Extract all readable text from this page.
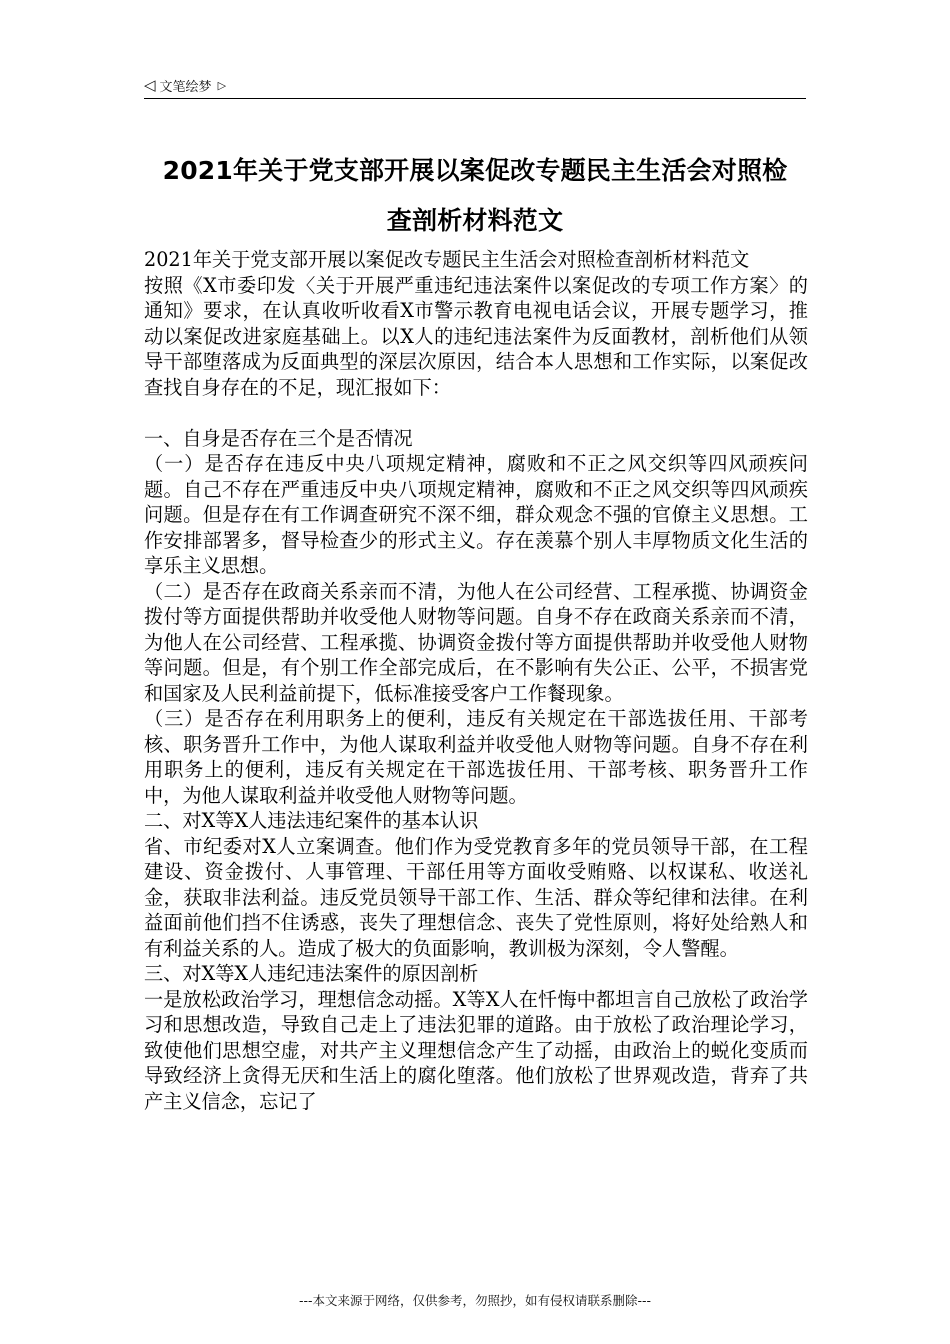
◁ 文笔绘梦 ▷
2021年关于党支部开展以案促改专题民主生活会对照检
查剖析材料范文

2021年关于党支部开展以案促改专题民主生活会对照检查剖析材料范文

按照《X市委印发〈关于开展严重违纪违法案件以案促改的专项工作方案〉的通知》要求，在认真收听收看X市警示教育电视电话会议，开展专题学习，推动以案促改进家庭基础上。以X人的违纪违法案件为反面教材，剖析他们从领导干部堕落成为反面典型的深层次原因，结合本人思想和工作实际，以案促改查找自身存在的不足，现汇报如下：

一、自身是否存在三个是否情况

（一）是否存在违反中央八项规定精神，腐败和不正之风交织等四风顽疾问题。自己不存在严重违反中央八项规定精神，腐败和不正之风交织等四风顽疾问题。但是存在有工作调查研究不深不细，群众观念不强的官僚主义思想。工作安排部署多，督导检查少的形式主义。存在羡慕个别人丰厚物质文化生活的享乐主义思想。

（二）是否存在政商关系亲而不清，为他人在公司经营、工程承揽、协调资金拨付等方面提供帮助并收受他人财物等问题。自身不存在政商关系亲而不清，为他人在公司经营、工程承揽、协调资金拨付等方面提供帮助并收受他人财物等问题。但是，有个别工作全部完成后，在不影响有失公正、公平，不损害党和国家及人民利益前提下，低标准接受客户工作餐现象。

（三）是否存在利用职务上的便利，违反有关规定在干部选拔任用、干部考核、职务晋升工作中，为他人谋取利益并收受他人财物等问题。自身不存在利用职务上的便利，违反有关规定在干部选拔任用、干部考核、职务晋升工作中，为他人谋取利益并收受他人财物等问题。

二、对X等X人违法违纪案件的基本认识

省、市纪委对X人立案调查。他们作为受党教育多年的党员领导干部，在工程建设、资金拨付、人事管理、干部任用等方面收受贿赂、以权谋私、收送礼金，获取非法利益。违反党员领导干部工作、生活、群众等纪律和法律。在利益面前他们挡不住诱惑，丧失了理想信念、丧失了党性原则，将好处给熟人和有利益关系的人。造成了极大的负面影响，教训极为深刻，令人警醒。

三、对X等X人违纪违法案件的原因剖析

一是放松政治学习，理想信念动摇。X等X人在忏悔中都坦言自己放松了政治学习和思想改造，导致自己走上了违法犯罪的道路。由于放松了政治理论学习，致使他们思想空虚，对共产主义理想信念产生了动摇，由政治上的蜕化变质而导致经济上贪得无厌和生活上的腐化堕落。他们放松了世界观改造，背弃了共产主义信念，忘记了

---本文来源于网络，仅供参考，勿照抄，如有侵权请联系删除---
